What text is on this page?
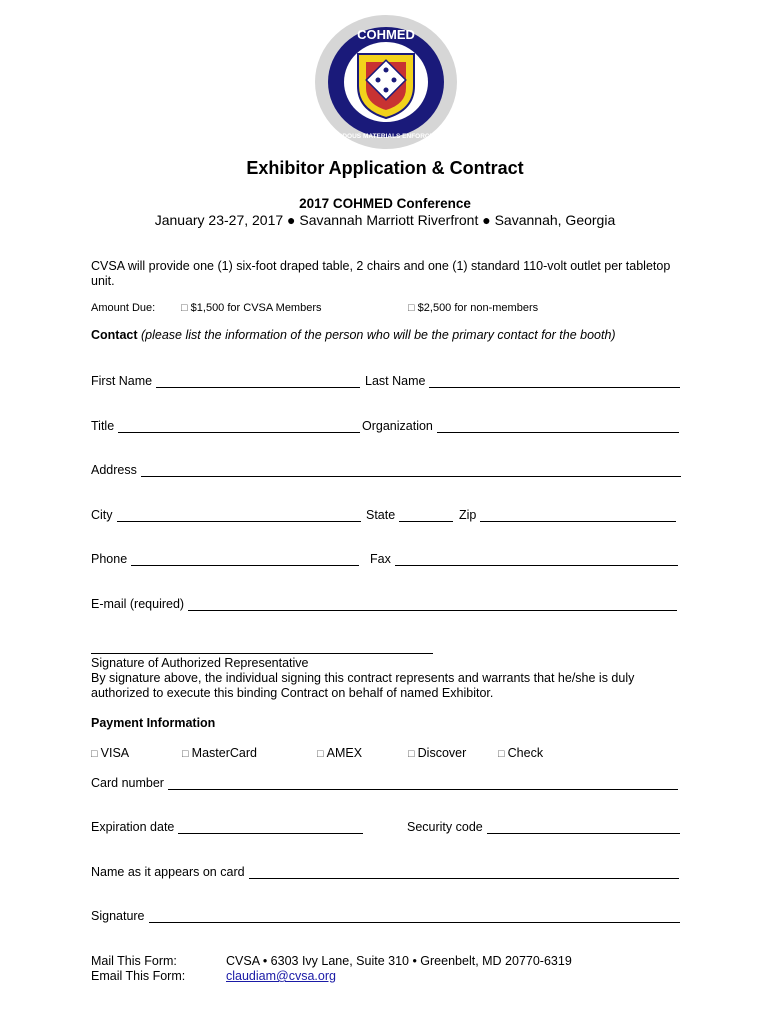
COHMED
HAZARDOUS MATERIALS ENFORCEMENT
Exhibitor Application & Contract
2017 COHMED Conference
January 23-27, 2017 ● Savannah Marriott Riverfront ● Savannah, Georgia
CVSA will provide one (1) six-foot draped table, 2 chairs and one (1) standard 110-volt outlet per tabletop unit.
Amount Due: □ $1,500 for CVSA Members	□ $2,500 for non-members
Contact (please list the information of the person who will be the primary contact for the booth)
First Name	Last Name
Title	Organization
Address
City	State	Zip
Phone	Fax
E-mail (required)
Signature of Authorized Representative
By signature above, the individual signing this contract represents and warrants that he/she is duly authorized to execute this binding Contract on behalf of named Exhibitor.
Payment Information
□ VISA	□ MasterCard	□ AMEX	□ Discover	□ Check
Card number
Expiration date	Security code
Name as it appears on card
Signature
Mail This Form:	CVSA • 6303 Ivy Lane, Suite 310 • Greenbelt, MD 20770-6319
Email This Form:	claudiam@cvsa.org
